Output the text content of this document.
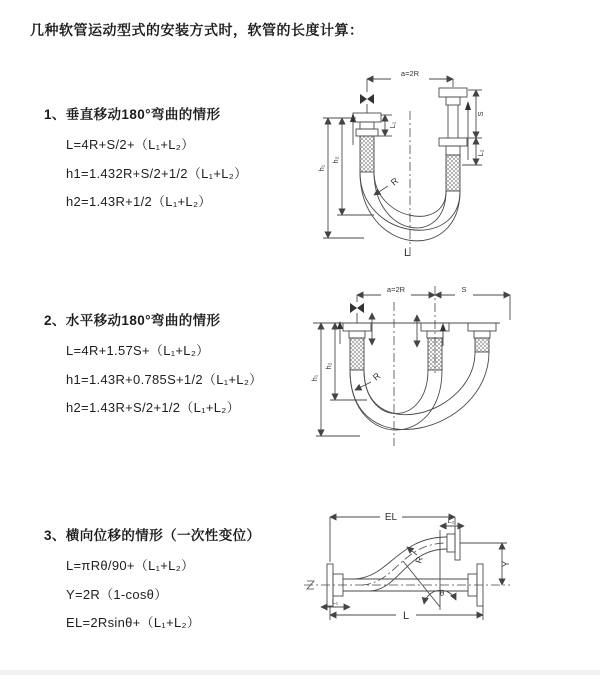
几种软管运动型式的安装方式时，软管的长度计算：
1、垂直移动180°弯曲的情形
L=4R+S/2+（L₁+L₂）
h1=1.432R+S/2+1/2（L₁+L₂）
h2=1.43R+1/2（L₁+L₂）
2、水平移动180°弯曲的情形
L=4R+1.57S+（L₁+L₂）
h1=1.43R+0.785S+1/2（L₁+L₂）
h2=1.43R+S/2+1/2（L₁+L₂）
3、横向位移的情形（一次性变位）
L=πRθ/90+（L₁+L₂）
Y=2R（1-cosθ）
EL=2Rsinθ+（L₁+L₂）
a=2R
L₁
h₁
h₂
S
L₂
R
L
a=2R	S
h₁
h₂
R
EL	L₂
Y
R
θ
L₁
L
